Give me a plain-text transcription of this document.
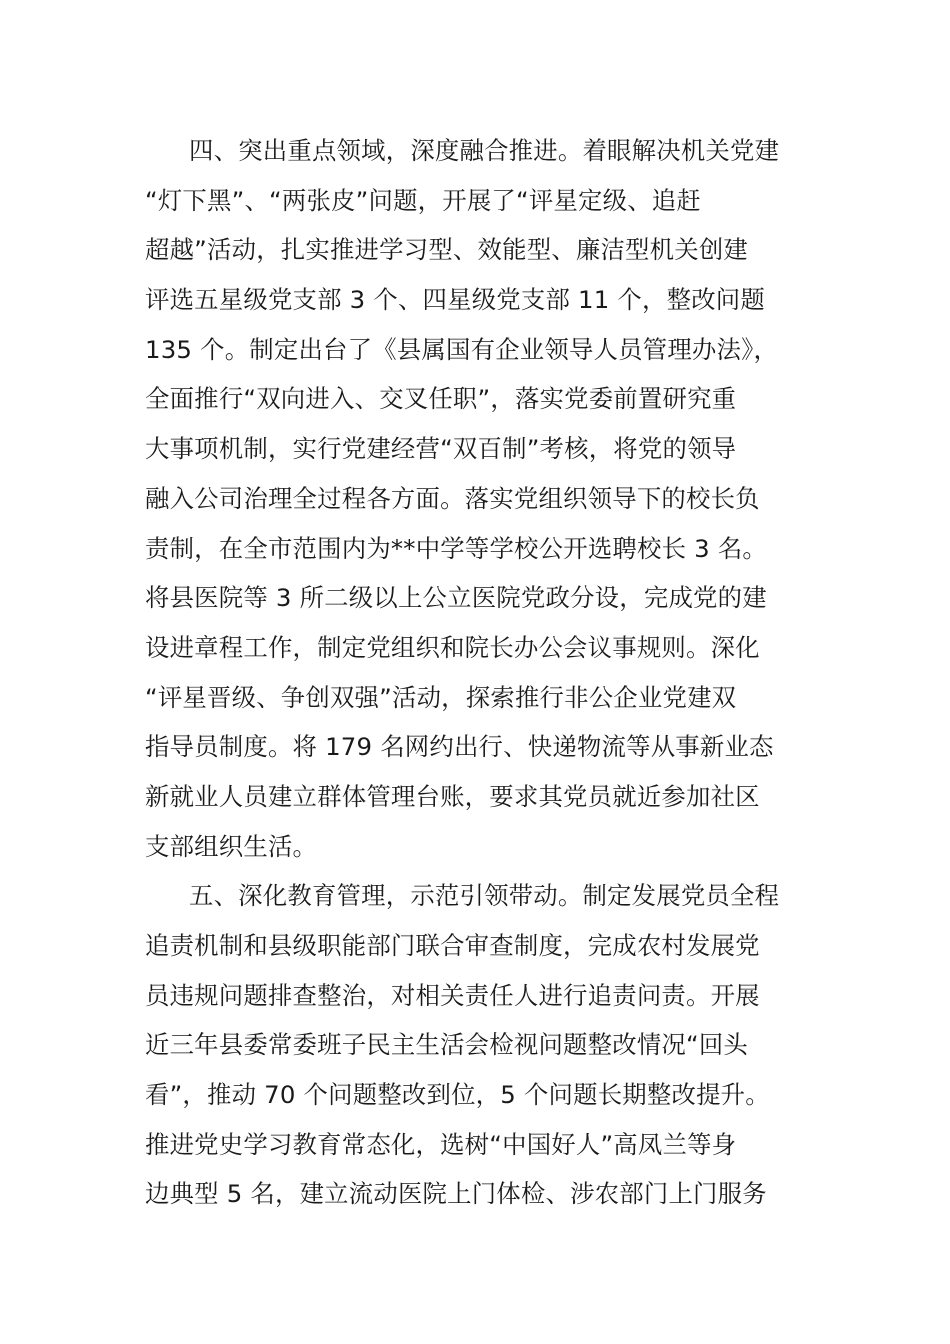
四、突出重点领域，深度融合推进。着眼解决机关党建
“灯下黑”、“两张皮”问题，开展了“评星定级、追赶
超越”活动，扎实推进学习型、效能型、廉洁型机关创建
评选五星级党支部 3 个、四星级党支部 11 个，整改问题
135 个。制定出台了《县属国有企业领导人员管理办法》，
全面推行“双向进入、交叉任职”，落实党委前置研究重
大事项机制，实行党建经营“双百制”考核，将党的领导
融入公司治理全过程各方面。落实党组织领导下的校长负
责制，在全市范围内为**中学等学校公开选聘校长 3 名。
将县医院等 3 所二级以上公立医院党政分设，完成党的建
设进章程工作，制定党组织和院长办公会议事规则。深化
“评星晋级、争创双强”活动，探索推行非公企业党建双
指导员制度。将 179 名网约出行、快递物流等从事新业态
新就业人员建立群体管理台账，要求其党员就近参加社区
支部组织生活。
五、深化教育管理，示范引领带动。制定发展党员全程
追责机制和县级职能部门联合审查制度，完成农村发展党
员违规问题排查整治，对相关责任人进行追责问责。开展
近三年县委常委班子民主生活会检视问题整改情况“回头
看”，推动 70 个问题整改到位，5 个问题长期整改提升。
推进党史学习教育常态化，选树“中国好人”高凤兰等身
边典型 5 名，建立流动医院上门体检、涉农部门上门服务
